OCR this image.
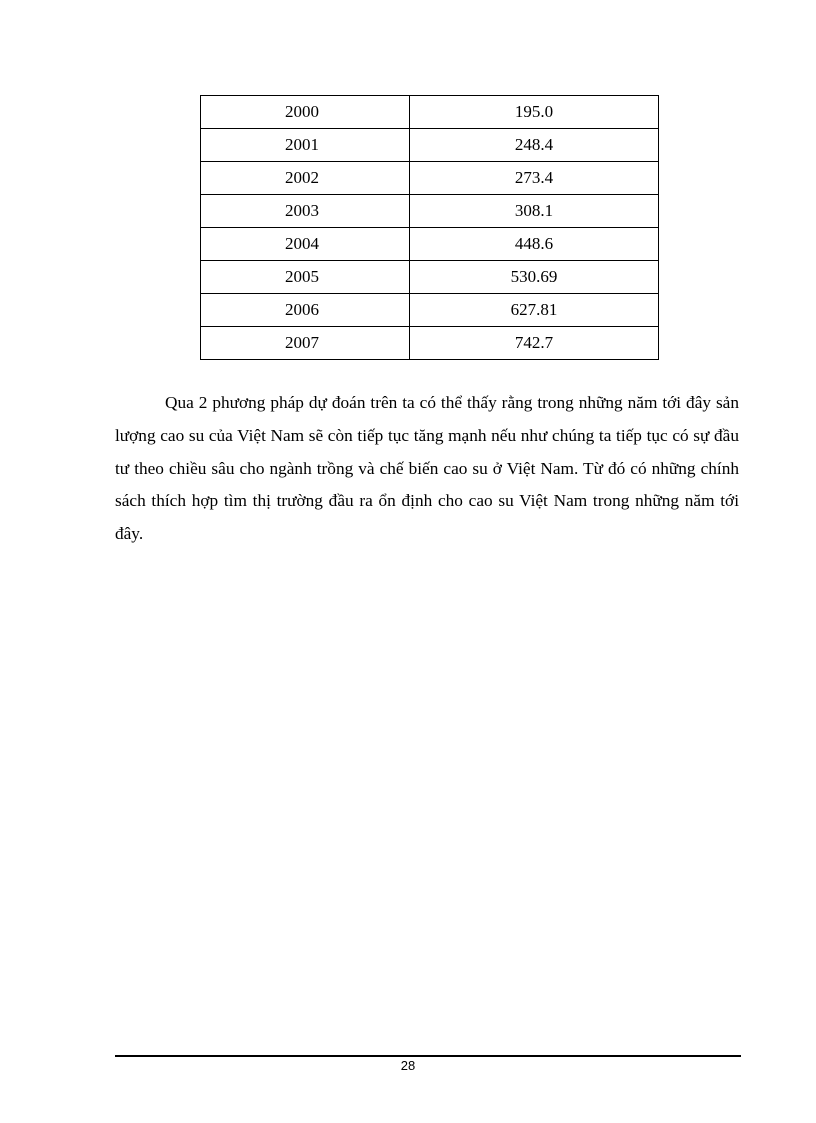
2000	195.0
2001	248.4
2002	273.4
2003	308.1
2004	448.6
2005	530.69
2006	627.81
2007	742.7

Qua 2 phương pháp dự đoán trên ta có thể thấy rằng trong những năm tới đây sản lượng cao su của Việt Nam sẽ còn tiếp tục tăng mạnh nếu như chúng ta tiếp tục có sự đầu tư theo chiều sâu cho ngành trồng và chế biến cao su ở Việt Nam. Từ đó có những chính sách thích hợp tìm thị trường đầu ra ổn định cho cao su Việt Nam trong những năm tới đây.

28
